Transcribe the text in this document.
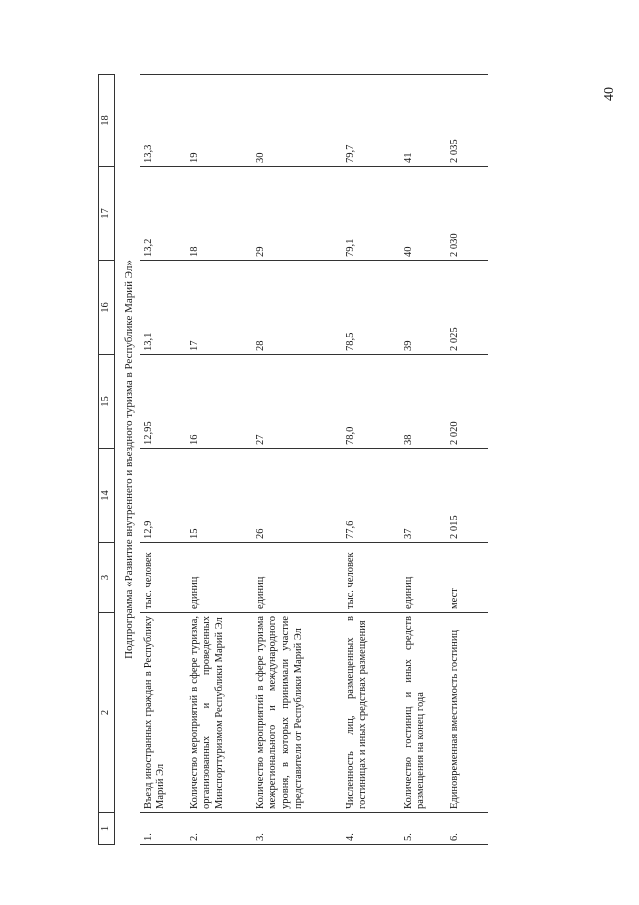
40
1	2	3	14	15	16	17	18
Подпрограмма «Развитие внутреннего и въездного туризма в Республике Марий Эл»							
1.	Въезд иностранных граждан в Республику Марий Эл	тыс. человек	12,9	12,95	13,1	13,2	13,3
2.	Количество мероприятий в сфере туризма, организованных и проведенных Минспорттуризмом Республики Марий Эл	единиц	15	16	17	18	19
3.	Количество мероприятий в сфере туризма межрегионального и международного уровня, в которых принимали участие представители от Республики Марий Эл	единиц	26	27	28	29	30
4.	Численность лиц, размещенных в гостиницах и иных средствах размещения	тыс. человек	77,6	78,0	78,5	79,1	79,7
5.	Количество гостиниц и иных средств размещения на конец года	единиц	37	38	39	40	41
6.	Единовременная вместимость гостиниц	мест	2 015	2 020	2 025	2 030	2 035
